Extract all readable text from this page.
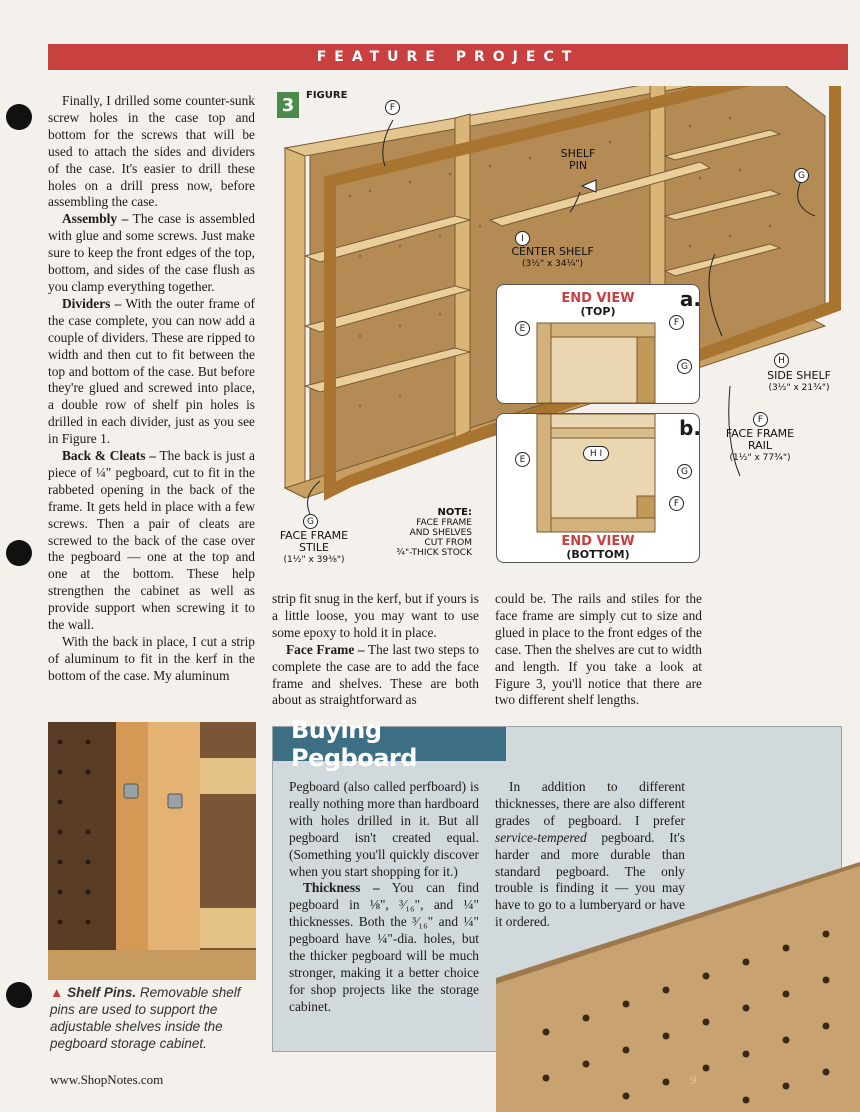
FEATURE PROJECT

Finally, I drilled some counter-sunk screw holes in the case top and bottom for the screws that will be used to attach the sides and dividers of the case. It's easier to drill these holes on a drill press now, before assembling the case.

Assembly – The case is assembled with glue and some screws. Just make sure to keep the front edges of the top, bottom, and sides of the case flush as you clamp everything together.

Dividers – With the outer frame of the case complete, you can now add a couple of dividers. These are ripped to width and then cut to fit between the top and bottom of the case. But before they're glued and screwed into place, a double row of shelf pin holes is drilled in each divider, just as you see in Figure 1.

Back & Cleats – The back is just a piece of ¼" pegboard, cut to fit in the rabbeted opening in the back of the frame. It gets held in place with a few screws. Then a pair of cleats are screwed to the back of the case over the pegboard — one at the top and one at the bottom. These help strengthen the cabinet as well as provide support when screwing it to the wall.

With the back in place, I cut a strip of aluminum to fit in the kerf in the bottom of the case. My aluminum

strip fit snug in the kerf, but if yours is a little loose, you may want to use some epoxy to hold it in place.

Face Frame – The last two steps to complete the case are to add the face frame and shelves. These are both about as straightforward as

could be. The rails and stiles for the face frame are simply cut to size and glued in place to the front edges of the case. Then the shelves are cut to width and length. If you take a look at Figure 3, you'll notice that there are two different shelf lengths.

3	FIGURE
F
G
I
H
F
G
SHELF
PIN
CENTER SHELF
(3½" x 34¼")
SIDE SHELF
(3½" x 21¾")
FACE FRAME
RAIL
(1½" x 77¾")
FACE FRAME
STILE
(1½" x 39⅜")
NOTE:
FACE FRAME
AND SHELVES
CUT FROM
¾"-THICK STOCK
END VIEW
(TOP)
a.
E
F
G
b.
E
H I
G
F
END VIEW
(BOTTOM)
▲ Shelf Pins. Removable shelf pins are used to support the adjustable shelves inside the pegboard storage cabinet.
Buying Pegboard

Pegboard (also called perfboard) is really nothing more than hardboard with holes drilled in it. But all pegboard isn't created equal. (Something you'll quickly discover when you start shopping for it.)

Thickness – You can find pegboard in ⅛", ³⁄₁₆", and ¼" thicknesses. Both the ³⁄₁₆" and ¼" pegboard have ¼"-dia. holes, but the thicker pegboard will be much stronger, making it a better choice for shop projects like the storage cabinet.

In addition to different thicknesses, there are also different grades of pegboard. I prefer service-tempered pegboard. It's harder and more durable than standard pegboard. The only trouble is finding it — you may have to go to a lumberyard or have it ordered.

www.ShopNotes.com	9
